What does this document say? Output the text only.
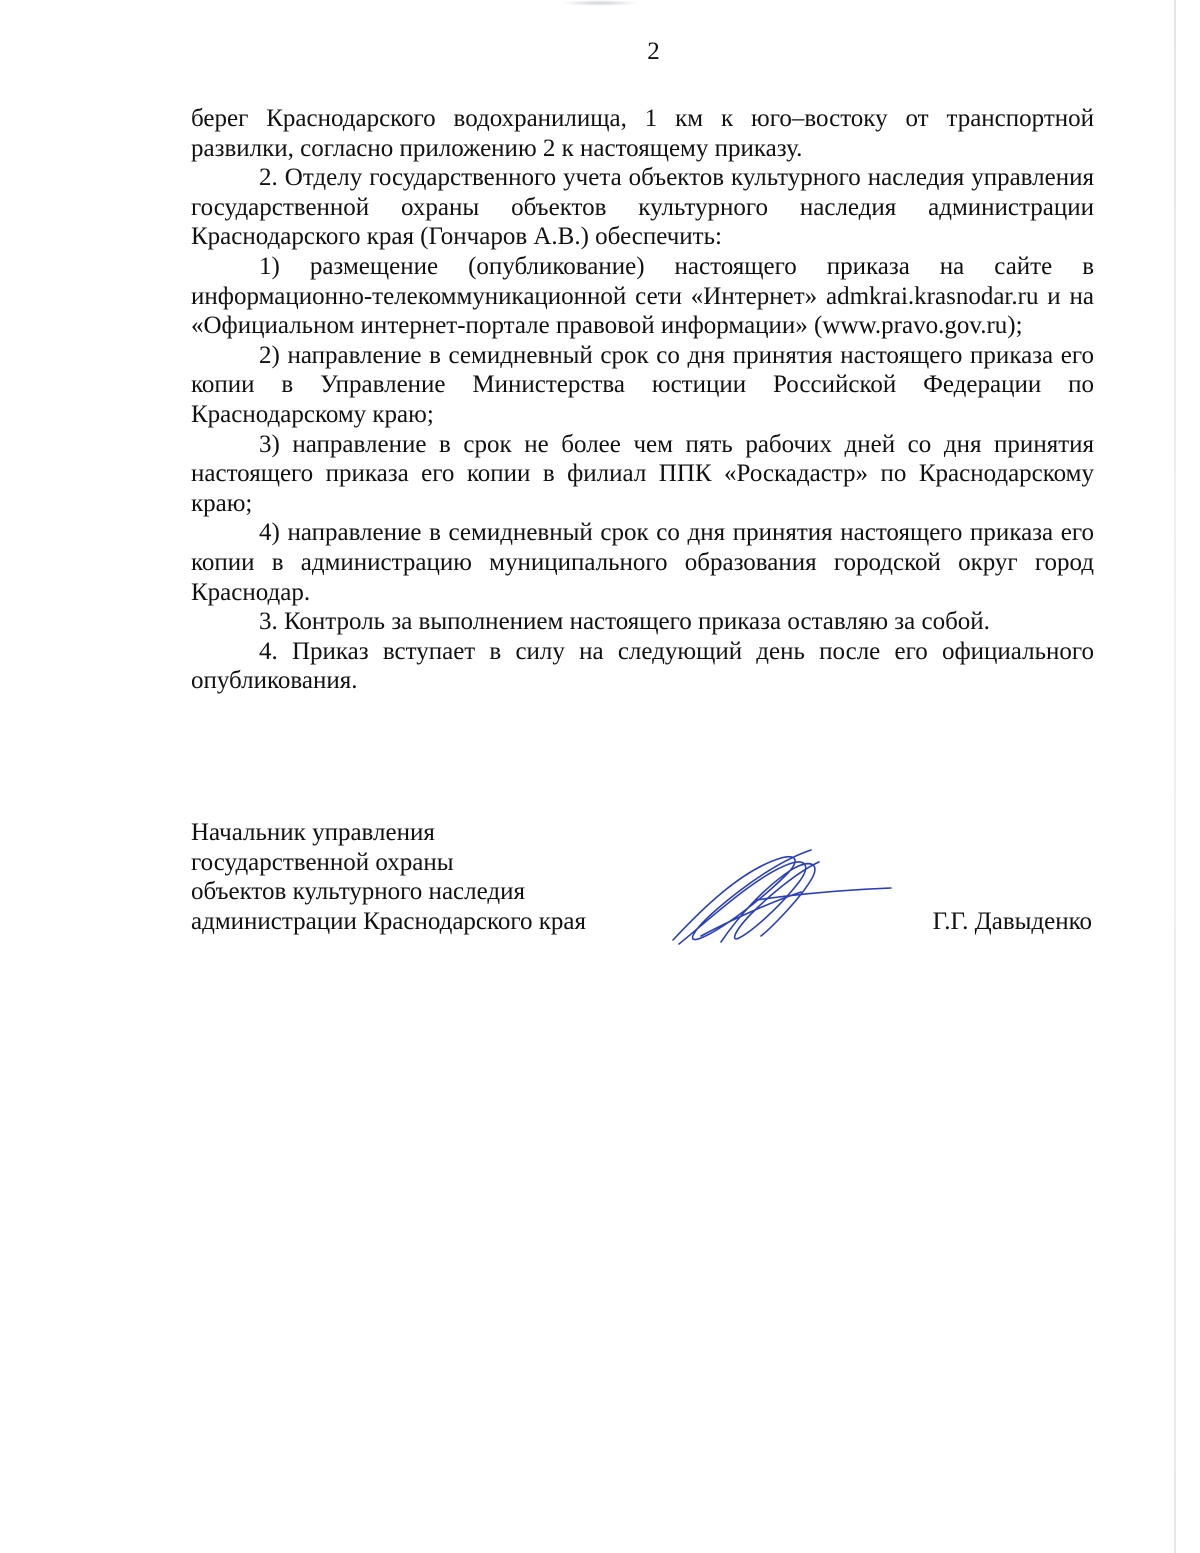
2

берег Краснодарского водохранилища, 1 км к юго–востоку от транспортной развилки, согласно приложению 2 к настоящему приказу.

2. Отделу государственного учета объектов культурного наследия управления государственной охраны объектов культурного наследия администрации Краснодарского края (Гончаров А.В.) обеспечить:

1) размещение (опубликование) настоящего приказа на сайте в информационно-телекоммуникационной сети «Интернет» admkrai.krasnodar.ru и на «Официальном интернет-портале правовой информации» (www.pravo.gov.ru);

2) направление в семидневный срок со дня принятия настоящего приказа его копии в Управление Министерства юстиции Российской Федерации по Краснодарскому краю;

3) направление в срок не более чем пять рабочих дней со дня принятия настоящего приказа его копии в филиал ППК «Роскадастр» по Краснодарскому краю;

4) направление в семидневный срок со дня принятия настоящего приказа его копии в администрацию муниципального образования городской округ город Краснодар.

3. Контроль за выполнением настоящего приказа оставляю за собой.

4. Приказ вступает в силу на следующий день после его официального опубликования.

Начальник управления
государственной охраны
объектов культурного наследия
администрации Краснодарского края	Г.Г. Давыденко
